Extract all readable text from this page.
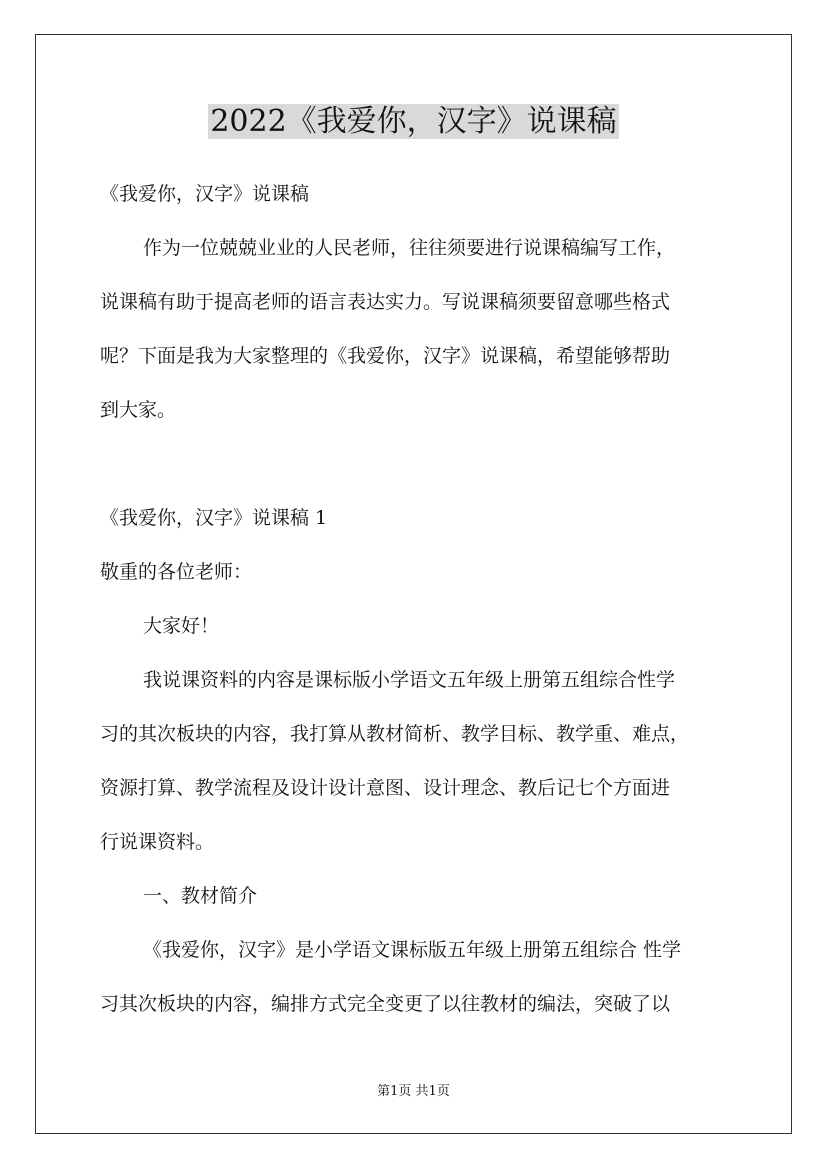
2022《我爱你，汉字》说课稿

《我爱你，汉字》说课稿

作为一位兢兢业业的人民老师，往往须要进行说课稿编写工作，

说课稿有助于提高老师的语言表达实力。写说课稿须要留意哪些格式

呢？下面是我为大家整理的《我爱你，汉字》说课稿，希望能够帮助

到大家。

《我爱你，汉字》说课稿 1

敬重的各位老师：

大家好！

我说课资料的内容是课标版小学语文五年级上册第五组综合性学

习的其次板块的内容，我打算从教材简析、教学目标、教学重、难点，

资源打算、教学流程及设计设计意图、设计理念、教后记七个方面进

行说课资料。

一、教材简介

《我爱你，汉字》是小学语文课标版五年级上册第五组综合 性学

习其次板块的内容，编排方式完全变更了以往教材的编法，突破了以

第1页 共1页
